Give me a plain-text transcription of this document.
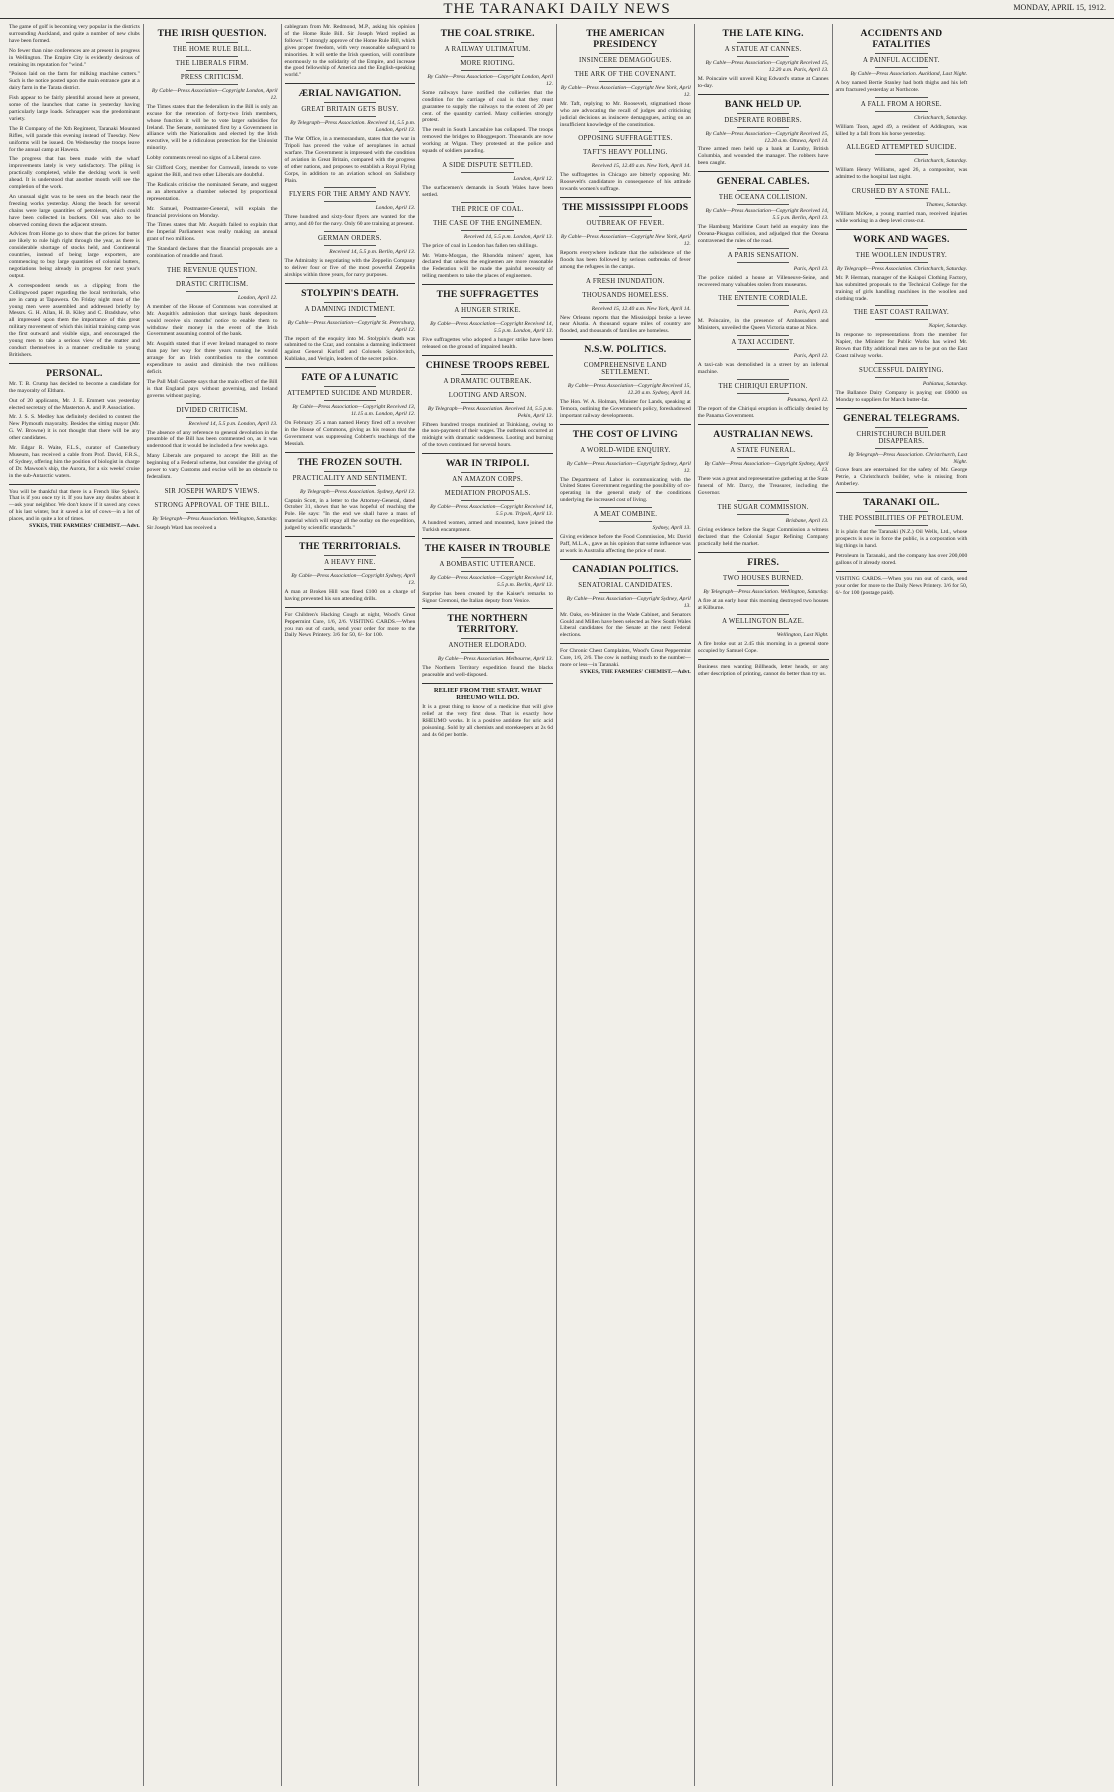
THE TARANAKI DAILY NEWS	MONDAY, APRIL 15, 1912.

The game of golf is becoming very popular in the districts surrounding Auckland, and quite a number of new clubs have been formed.

No fewer than nine conferences are at present in progress in Wellington. The Empire City is evidently desirous of retaining its reputation for "wind."

"Poison laid on the farm for milking machine cutters." Such is the notice posted upon the main entrance gate at a dairy farm in the Tarata district.

Fish appear to be fairly plentiful around here at present, some of the launches that came in yesterday having particularly large loads. Schnapper was the predominant variety.

The B Company of the Xth Regiment, Taranaki Mounted Rifles, will parade this evening instead of Tuesday. New uniforms will be issued. On Wednesday the troops leave for the annual camp at Hawera.

The progress that has been made with the wharf improvements lately is very satisfactory. The piling is practically completed, while the decking work is well ahead. It is understood that another month will see the completion of the work.

An unusual sight was to be seen on the beach near the freezing works yesterday. Along the beach for several chains were large quantities of petroleum, which could have been collected in buckets. Oil was also to be observed coming down the adjacent stream.

Advices from Home go to show that the prices for butter are likely to rule high right through the year, as there is considerable shortage of stocks held, and Continental countries, instead of being large exporters, are commencing to buy large quantities of colonial butters, negotiations being already in progress for next year's output.

A correspondent sends us a clipping from the Collingwood paper regarding the local territorials, who are in camp at Tapawera. On Friday night most of the young men were assembled and addressed briefly by Messrs. G. H. Allan, H. B. Kiley and C. Bradshaw, who all impressed upon them the importance of this great military movement of which this initial training camp was the first outward and visible sign, and encouraged the young men to take a serious view of the matter and conduct themselves in a manner creditable to young Britishers.

PERSONAL.

Mr. T. B. Crump has decided to become a candidate for the mayoralty of Eltham.

Out of 20 applicants, Mr. J. E. Emmett was yesterday elected secretary of the Masterton A. and P. Association.

Mr. J. S. S. Medley has definitely decided to contest the New Plymouth mayoralty. Besides the sitting mayor (Mr. G. W. Browne) it is not thought that there will be any other candidates.

Mr. Edgar R. Waite, F.L.S., curator of Canterbury Museum, has received a cable from Prof. David, F.R.S., of Sydney, offering him the position of biologist in charge of Dr. Mawson's ship, the Aurora, for a six weeks' cruise in the sub-Antarctic waters.

You will be thankful that there is a French like Sykes's. That is if you once try it. If you have any doubts about it—ask your neighbor. We don't know if it saved any cows of his last winter, but it saved a lot of cows—in a lot of places, and in quite a lot of times.
SYKES, THE FARMERS' CHEMIST.—Advt.
THE IRISH QUESTION.
THE HOME RULE BILL.
THE LIBERALS FIRM.
PRESS CRITICISM.

By Cable—Press Association—Copyright London, April 12.

The Times states that the federalism in the Bill is only an excuse for the retention of forty-two Irish members, whose function it will be to vote larger subsidies for Ireland. The Senate, nominated first by a Government in alliance with the Nationalists and elected by the Irish executive, will be a ridiculous protection for the Unionist minority.

Lobby comments reveal no signs of a Liberal cave.

Sir Clifford Cory, member for Cornwall, intends to vote against the Bill, and two other Liberals are doubtful.

The Radicals criticise the nominated Senate, and suggest as an alternative a chamber selected by proportional representation.

Mr. Samuel, Postmaster-General, will explain the financial provisions on Monday.

The Times states that Mr. Asquith failed to explain that the Imperial Parliament was really making an annual grant of two millions.

The Standard declares that the financial proposals are a combination of muddle and fraud.

THE REVENUE QUESTION.
DRASTIC CRITICISM.

London, April 12.

A member of the House of Commons was convulsed at Mr. Asquith's admission that savings bank depositors would receive six months' notice to enable them to withdraw their money in the event of the Irish Government assuming control of the bank.

Mr. Asquith stated that if ever Ireland managed to more than pay her way for three years running he would arrange for an Irish contribution to the common expenditure to assist and diminish the two millions deficit.

The Pall Mall Gazette says that the main effect of the Bill is that England pays without governing, and Ireland governs without paying.

DIVIDED CRITICISM.

Received 14, 5.5 p.m. London, April 13.

The absence of any reference to general devolution in the preamble of the Bill has been commented on, as it was understood that it would be included a few weeks ago.

Many Liberals are prepared to accept the Bill as the beginning of a Federal scheme, but consider the giving of power to vary Customs and excise will be an obstacle to federalism.

SIR JOSEPH WARD'S VIEWS.
STRONG APPROVAL OF THE BILL.

By Telegraph—Press Association. Wellington, Saturday.

Sir Joseph Ward has received a

cablegram from Mr. Redmond, M.P., asking his opinion of the Home Rule Bill. Sir Joseph Ward replied as follows: "I strongly approve of the Home Rule Bill, which gives proper freedom, with very reasonable safeguard to minorities. It will settle the Irish question, will contribute enormously to the solidarity of the Empire, and increase the good fellowship of America and the English-speaking world."

ÆRIAL NAVIGATION.
GREAT BRITAIN GETS BUSY.

By Telegraph—Press Association. Received 14, 5.5 p.m. London, April 13.

The War Office, in a memorandum, states that the war in Tripoli has proved the value of aeroplanes in actual warfare. The Government is impressed with the condition of aviation in Great Britain, compared with the progress of other nations, and proposes to establish a Royal Flying Corps, in addition to an aviation school on Salisbury Plain.

FLYERS FOR THE ARMY AND NAVY.

London, April 13.

Three hundred and sixty-four flyers are wanted for the army, and 40 for the navy. Only 60 are training at present.

GERMAN ORDERS.

Received 14, 5.5 p.m. Berlin, April 13.

The Admiralty is negotiating with the Zeppelin Company to deliver four or five of the most powerful Zeppelin airships within three years, for navy purposes.

STOLYPIN'S DEATH.
A DAMNING INDICTMENT.

By Cable—Press Association—Copyright St. Petersburg, April 12.

The report of the enquiry into M. Stolypin's death was submitted to the Czar, and contains a damning indictment against General Kurloff and Colonels Spiridovitch, Kubliako, and Verigin, leaders of the secret police.

FATE OF A LUNATIC
ATTEMPTED SUICIDE AND MURDER.

By Cable—Press Association—Copyright Received 13, 11.15 a.m. London, April 12.

On February 25 a man named Henry fired off a revolver in the House of Commons, giving as his reason that the Government was suppressing Cobbett's teachings of the Messiah.

THE FROZEN SOUTH.
PRACTICALITY AND SENTIMENT.

By Telegraph—Press Association. Sydney, April 13.

Captain Scott, in a letter to the Attorney-General, dated October 31, shows that he was hopeful of reaching the Pole. He says: "In the end we shall have a mass of material which will repay all the outlay on the expedition, judged by scientific standards."

THE TERRITORIALS.
A HEAVY FINE.

By Cable—Press Association—Copyright Sydney, April 13.

A man at Broken Hill was fined £100 on a charge of having prevented his son attending drills.

For Children's Hacking Cough at night, Wood's Great Peppermint Cure, 1/6, 2/6. VISITING CARDS.—When you run out of cards, send your order for more to the Daily News Printery. 3/6 for 50, 6/- for 100.
THE COAL STRIKE.
A RAILWAY ULTIMATUM.
MORE RIOTING.

By Cable—Press Association—Copyright London, April 12.

Some railways have notified the collieries that the condition for the carriage of coal is that they must guarantee to supply the railways to the extent of 20 per cent. of the quantity carried. Many collieries strongly protest.

The result in South Lancashire has collapsed. The troops removed the bridges to Bhoggesport. Thousands are now working at Wigan. They protested at the police and squads of soldiers parading.

A SIDE DISPUTE SETTLED.

London, April 12.

The surfacemen's demands in South Wales have been settled.

THE PRICE OF COAL.
THE CASE OF THE ENGINEMEN.

Received 14, 5.5 p.m. London, April 13.

The price of coal in London has fallen ten shillings.

Mr. Watts-Morgan, the Rhondda miners' agent, has declared that unless the enginemen are more reasonable the Federation will be made the painful necessity of telling members to take the places of enginemen.

THE SUFFRAGETTES
A HUNGER STRIKE.

By Cable—Press Association—Copyright Received 14, 5.5 p.m. London, April 13.

Five suffragettes who adopted a hunger strike have been released on the ground of impaired health.

CHINESE TROOPS REBEL
A DRAMATIC OUTBREAK.
LOOTING AND ARSON.

By Telegraph—Press Association. Received 14, 5.5 p.m. Pekin, April 13.

Fifteen hundred troops mutinied at Tsinkiang, owing to the non-payment of their wages. The outbreak occurred at midnight with dramatic suddenness. Looting and burning of the town continued for several hours.

WAR IN TRIPOLI.
AN AMAZON CORPS.
MEDIATION PROPOSALS.

By Cable—Press Association—Copyright Received 14, 5.5 p.m. Tripoli, April 13.

A hundred women, armed and mounted, have joined the Turkish encampment.

THE KAISER IN TROUBLE
A BOMBASTIC UTTERANCE.

By Cable—Press Association—Copyright Received 14, 5.5 p.m. Berlin, April 13.

Surprise has been created by the Kaiser's remarks to Signor Cremoni, the Italian deputy from Venice.

THE NORTHERN TERRITORY.
ANOTHER ELDORADO.

By Cable—Press Association. Melbourne, April 13.

The Northern Territory expedition found the blacks peaceable and well-disposed.

RELIEF FROM THE START. WHAT RHEUMO WILL DO.
It is a great thing to know of a medicine that will give relief at the very first dose. That is exactly how RHEUMO works. It is a positive antidote for uric acid poisoning. Sold by all chemists and storekeepers at 2s 6d and 4s 6d per bottle.
THE AMERICAN PRESIDENCY
INSINCERE DEMAGOGUES.
THE ARK OF THE COVENANT.

By Cable—Press Association—Copyright New York, April 12.

Mr. Taft, replying to Mr. Roosevelt, stigmatised those who are advocating the recall of judges and criticising judicial decisions as insincere demagogues, acting on an insufficient knowledge of the constitution.

OPPOSING SUFFRAGETTES.
TAFT'S HEAVY POLLING.

Received 15, 12.40 a.m. New York, April 14.

The suffragettes in Chicago are bitterly opposing Mr. Roosevelt's candidature in consequence of his attitude towards women's suffrage.

THE MISSISSIPPI FLOODS
OUTBREAK OF FEVER.

By Cable—Press Association—Copyright New York, April 12.

Reports everywhere indicate that the subsidence of the floods has been followed by serious outbreaks of fever among the refugees in the camps.

A FRESH INUNDATION.
THOUSANDS HOMELESS.

Received 15, 12.40 a.m. New York, April 14.

New Orleans reports that the Mississippi broke a levee near Alsatia. A thousand square miles of country are flooded, and thousands of families are homeless.

N.S.W. POLITICS.
COMPREHENSIVE LAND SETTLEMENT.

By Cable—Press Association—Copyright Received 15, 12.20 a.m. Sydney, April 14.

The Hon. W. A. Holman, Minister for Lands, speaking at Temora, outlining the Government's policy, foreshadowed important railway developments.

THE COST OF LIVING
A WORLD-WIDE ENQUIRY.

By Cable—Press Association—Copyright Sydney, April 12.

The Department of Labor is communicating with the United States Government regarding the possibility of co-operating in the general study of the conditions underlying the increased cost of living.

A MEAT COMBINE.

Sydney, April 13.

Giving evidence before the Food Commission, Mr. David Paff, M.L.A., gave as his opinion that some influence was at work in Australia affecting the price of meat.

CANADIAN POLITICS.
SENATORIAL CANDIDATES.

By Cable—Press Association—Copyright Sydney, April 13.

Mr. Oaks, ex-Minister in the Wade Cabinet, and Senators Gould and Millen have been selected as New South Wales Liberal candidates for the Senate at the next Federal elections.

For Chronic Chest Complaints, Wood's Great Peppermint Cure, 1/6, 2/6. The cow is nothing much to the number—more or less—in Taranaki.
SYKES, THE FARMERS' CHEMIST.—Advt.
THE LATE KING.
A STATUE AT CANNES.

By Cable—Press Association—Copyright Received 15, 12.20 a.m. Paris, April 13.

M. Poincaire will unveil King Edward's statue at Cannes to-day.

BANK HELD UP.
DESPERATE ROBBERS.

By Cable—Press Association—Copyright Received 15, 12.20 a.m. Ottawa, April 14.

Three armed men held up a bank at Lumby, British Columbia, and wounded the manager. The robbers have been caught.

GENERAL CABLES.
THE OCEANA COLLISION.

By Cable—Press Association—Copyright Received 14, 5.5 p.m. Berlin, April 13.

The Hamburg Maritime Court held an enquiry into the Oceana-Pisagua collision, and adjudged that the Oceana contravened the rules of the road.

A PARIS SENSATION.

Paris, April 13.

The police raided a house at Villeneuve-Seine, and recovered many valuables stolen from museums.

THE ENTENTE CORDIALE.

Paris, April 13.

M. Poincaire, in the presence of Ambassadors and Ministers, unveiled the Queen Victoria statue at Nice.

A TAXI ACCIDENT.

Paris, April 12.

A taxi-cab was demolished in a street by an infernal machine.

THE CHIRIQUI ERUPTION.

Panama, April 12.

The report of the Chiriqui eruption is officially denied by the Panama Government.

AUSTRALIAN NEWS.
A STATE FUNERAL.

By Cable—Press Association—Copyright Sydney, April 13.

There was a great and representative gathering at the State funeral of Mr. Darcy, the Treasurer, including the Governor.

THE SUGAR COMMISSION.

Brisbane, April 13.

Giving evidence before the Sugar Commission a witness declared that the Colonial Sugar Refining Company practically held the market.

FIRES.
TWO HOUSES BURNED.

By Telegraph—Press Association. Wellington, Saturday.

A fire at an early hour this morning destroyed two houses at Kilburne.

A WELLINGTON BLAZE.

Wellington, Last Night.

A fire broke out at 2.45 this morning in a general store occupied by Samuel Cope.

Business men wanting Billheads, letter heads, or any other description of printing, cannot do better than try us.
ACCIDENTS AND FATALITIES
A PAINFUL ACCIDENT.

By Cable—Press Association. Auckland, Last Night.

A boy named Bertie Stanley had both thighs and his left arm fractured yesterday at Northcote.

A FALL FROM A HORSE.

Christchurch, Saturday.

William Toon, aged 49, a resident of Addington, was killed by a fall from his horse yesterday.

ALLEGED ATTEMPTED SUICIDE.

Christchurch, Saturday.

William Henry Williams, aged 26, a compositor, was admitted to the hospital last night.

CRUSHED BY A STONE FALL.

Thames, Saturday.

William McKee, a young married man, received injuries while working in a deep level cross-cut.

WORK AND WAGES.
THE WOOLLEN INDUSTRY.

By Telegraph—Press Association. Christchurch, Saturday.

Mr. P. Herman, manager of the Kaiapoi Clothing Factory, has submitted proposals to the Technical College for the training of girls handling machines in the woollen and clothing trade.

THE EAST COAST RAILWAY.

Napier, Saturday.

In response to representations from the member for Napier, the Minister for Public Works has wired Mr. Brown that fifty additional men are to be put on the East Coast railway works.

SUCCESSFUL DAIRYING.

Pahiatua, Saturday.

The Ballance Dairy Company is paying out £6000 on Monday to suppliers for March butter-fat.

GENERAL TELEGRAMS.
CHRISTCHURCH BUILDER DISAPPEARS.

By Telegraph—Press Association. Christchurch, Last Night.

Grave fears are entertained for the safety of Mr. George Petrie, a Christchurch builder, who is missing from Amberley.

TARANAKI OIL.
THE POSSIBILITIES OF PETROLEUM.

It is plain that the Taranaki (N.Z.) Oil Wells, Ltd., whose prospects is now in force the public, is a corporation with big things in hand.

Petroleum in Taranaki, and the company has over 200,000 gallons of it already stored.

VISITING CARDS.—When you run out of cards, send your order for more to the Daily News Printery. 3/6 for 50, 6/- for 100 (postage paid).
